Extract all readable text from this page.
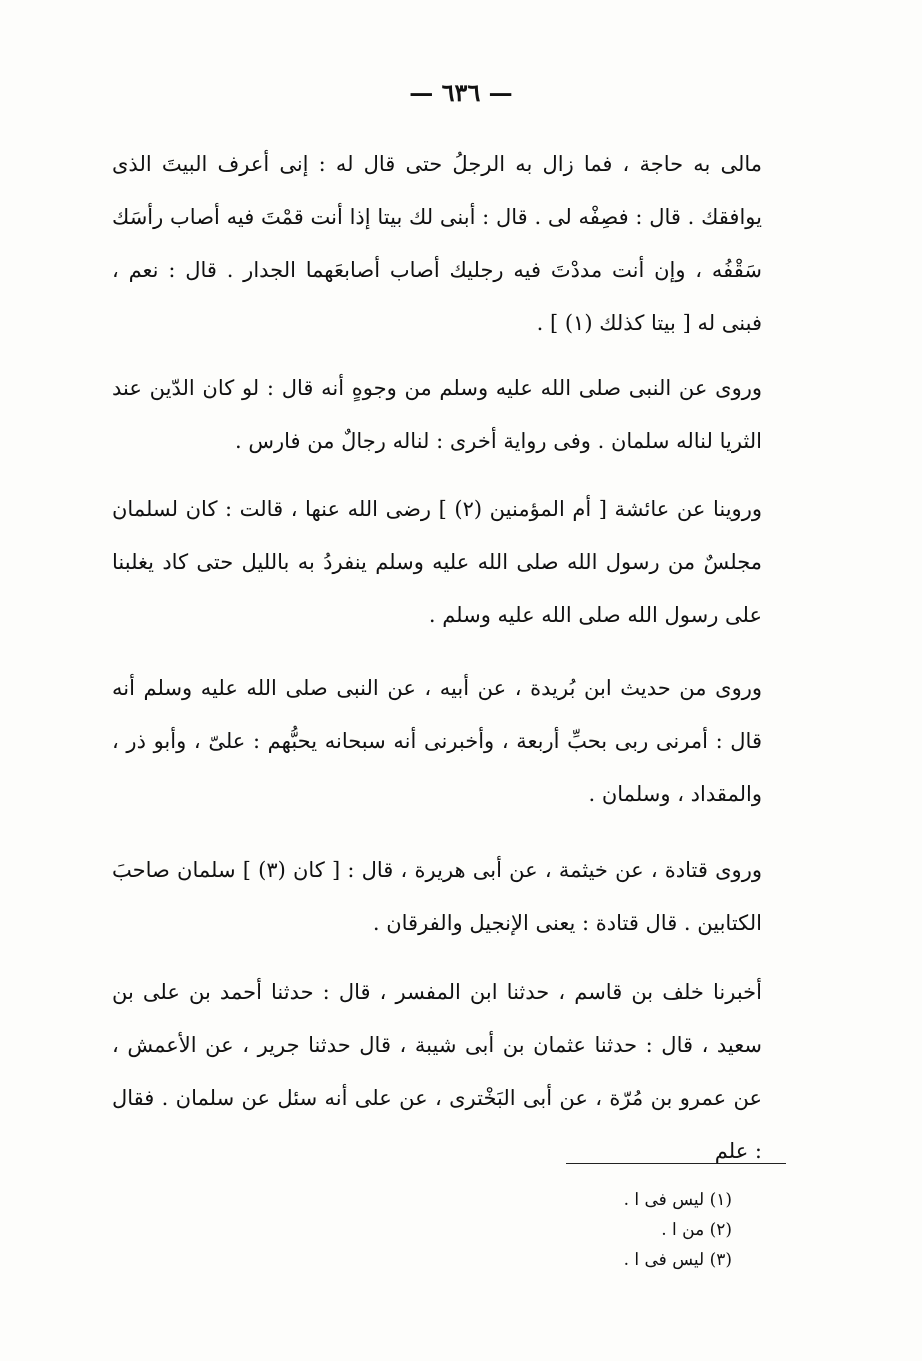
— ٦٣٦ —

مالى به حاجة ، فما زال به الرجلُ حتى قال له : إنى أعرف البيتَ الذى يوافقك . قال : فصِفْه لى . قال : أبنى لك بيتا إذا أنت قمْتَ فيه أصاب رأسَك سَقْفُه ، وإن أنت مددْتَ فيه رجليك أصاب أصابعَهما الجدار . قال : نعم ، فبنى له [ بيتا كذلك (١) ] .

وروى عن النبى صلى الله عليه وسلم من وجوهٍ أنه قال : لو كان الدّين عند الثريا لناله سلمان . وفى رواية أخرى : لناله رجالٌ من فارس .

وروينا عن عائشة [ أم المؤمنين (٢) ] رضى الله عنها ، قالت : كان لسلمان مجلسٌ من رسول الله صلى الله عليه وسلم ينفردُ به بالليل حتى كاد يغلبنا على رسول الله صلى الله عليه وسلم .

وروى من حديث ابن بُريدة ، عن أبيه ، عن النبى صلى الله عليه وسلم أنه قال : أمرنى ربى بحبِّ أربعة ، وأخبرنى أنه سبحانه يحبُّهم : علىّ ، وأبو ذر ، والمقداد ، وسلمان .

وروى قتادة ، عن خيثمة ، عن أبى هريرة ، قال : [ كان (٣) ] سلمان صاحبَ الكتابين . قال قتادة : يعنى الإنجيل والفرقان .

أخبرنا خلف بن قاسم ، حدثنا ابن المفسر ، قال : حدثنا أحمد بن على بن سعيد ، قال : حدثنا عثمان بن أبى شيبة ، قال حدثنا جرير ، عن الأعمش ، عن عمرو بن مُرّة ، عن أبى البَخْترى ، عن على أنه سئل عن سلمان . فقال : علم

(١) ليس فى ا .

(٢) من ا .

(٣) ليس فى ا .
